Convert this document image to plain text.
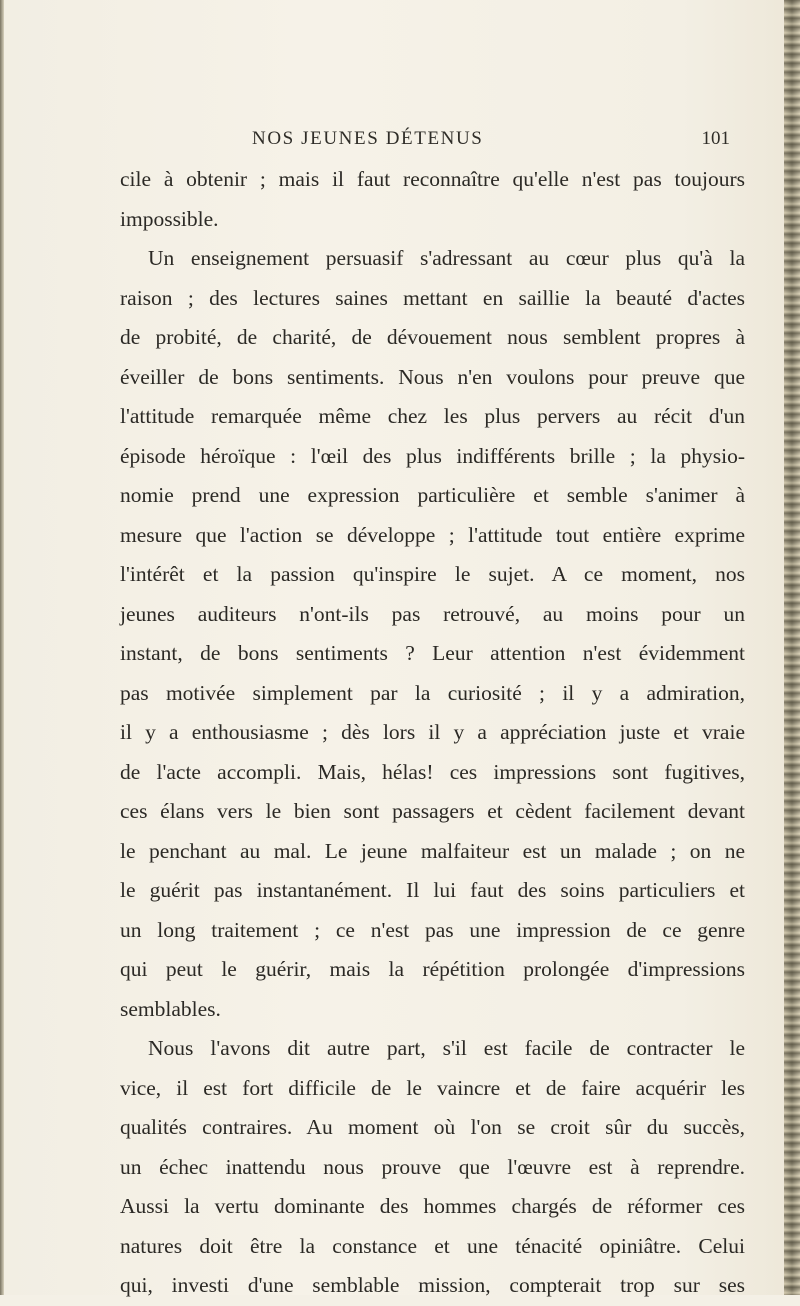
NOS JEUNES DÉTENUS	101
cile à obtenir ; mais il faut reconnaître qu'elle n'est pas toujours
impossible.
Un enseignement persuasif s'adressant au cœur plus qu'à la
raison ; des lectures saines mettant en saillie la beauté d'actes
de probité, de charité, de dévouement nous semblent propres à
éveiller de bons sentiments. Nous n'en voulons pour preuve que
l'attitude remarquée même chez les plus pervers au récit d'un
épisode héroïque : l'œil des plus indifférents brille ; la physio-
nomie prend une expression particulière et semble s'animer à
mesure que l'action se développe ; l'attitude tout entière exprime
l'intérêt et la passion qu'inspire le sujet. A ce moment, nos
jeunes auditeurs n'ont-ils pas retrouvé, au moins pour un
instant, de bons sentiments ? Leur attention n'est évidemment
pas motivée simplement par la curiosité ; il y a admiration,
il y a enthousiasme ; dès lors il y a appréciation juste et vraie
de l'acte accompli. Mais, hélas! ces impressions sont fugitives,
ces élans vers le bien sont passagers et cèdent facilement devant
le penchant au mal. Le jeune malfaiteur est un malade ; on ne
le guérit pas instantanément. Il lui faut des soins particuliers et
un long traitement ; ce n'est pas une impression de ce genre
qui peut le guérir, mais la répétition prolongée d'impressions
semblables.
Nous l'avons dit autre part, s'il est facile de contracter le
vice, il est fort difficile de le vaincre et de faire acquérir les
qualités contraires. Au moment où l'on se croit sûr du succès,
un échec inattendu nous prouve que l'œuvre est à reprendre.
Aussi la vertu dominante des hommes chargés de réformer ces
natures doit être la constance et une ténacité opiniâtre. Celui
qui, investi d'une semblable mission, compterait trop sur ses
